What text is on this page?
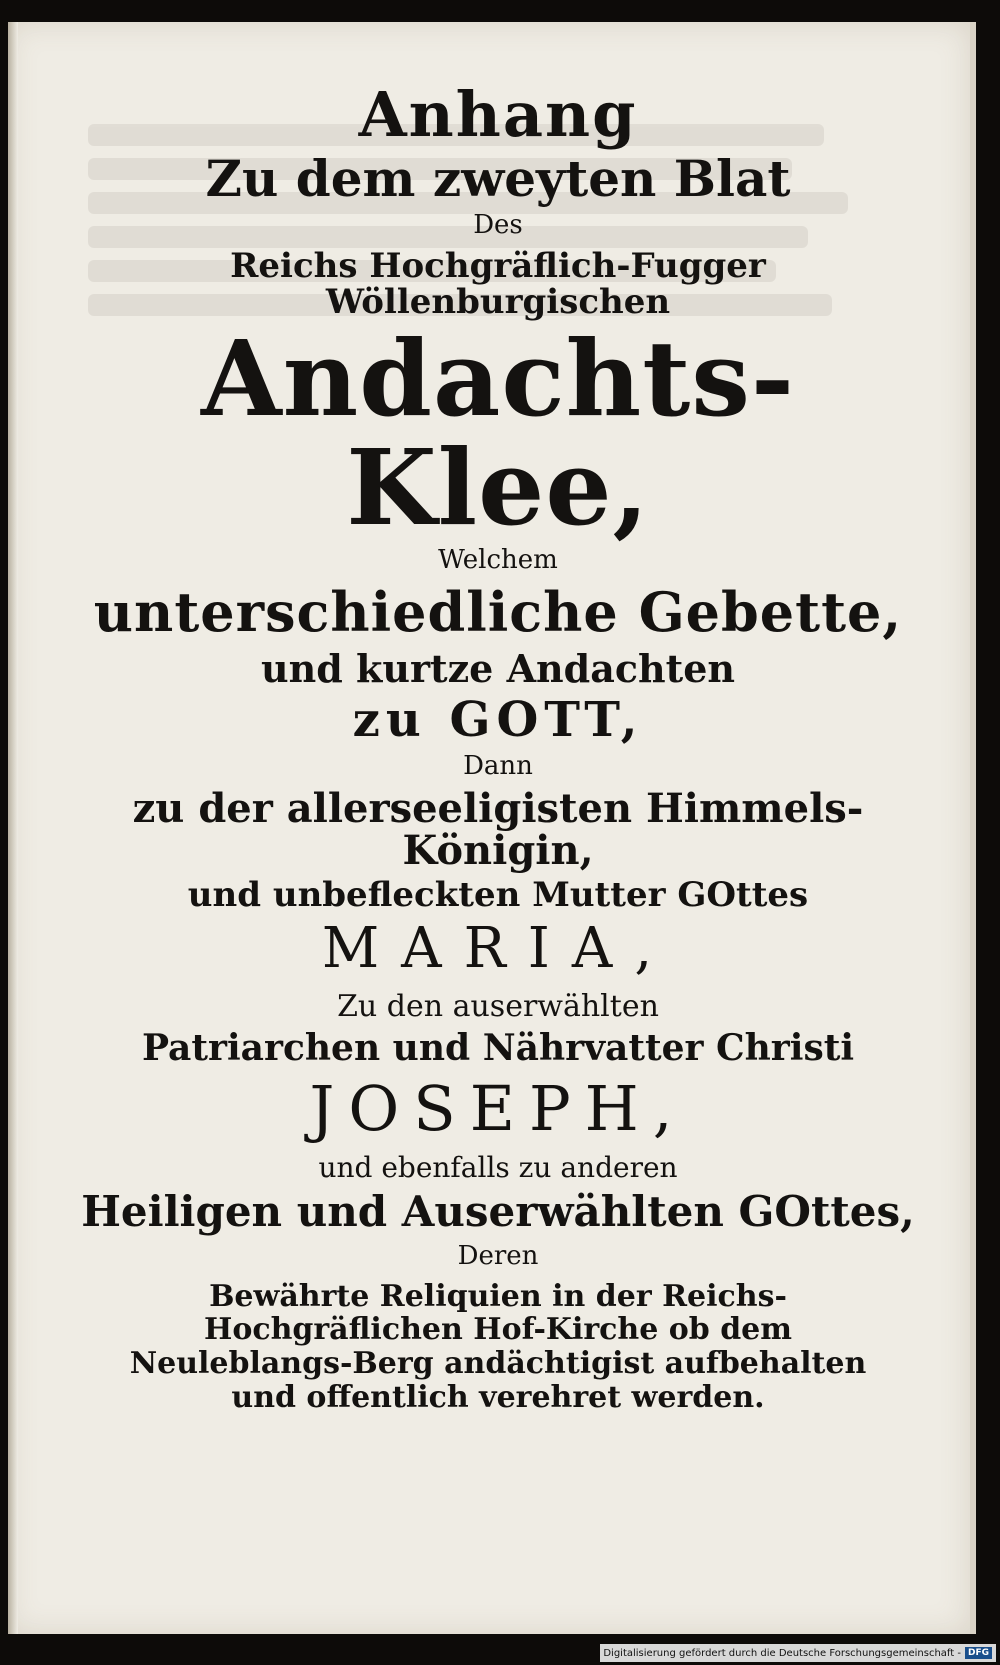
Anhang
Zu dem zweyten Blat
Des
Reichs Hochgräflich-Fugger Wöllenburgischen
Andachts-Klee,
Welchem
unterschiedliche Gebette,
und kurtze Andachten
zu GOTT,
Dann
zu der allerseeligisten Himmels-Königin,
und unbefleckten Mutter GOttes
MARIA,
Zu den auserwählten
Patriarchen und Nährvatter Christi
JOSEPH,
und ebenfalls zu anderen
Heiligen und Auserwählten GOttes,
Deren
Bewährte Reliquien in der Reichs-Hochgräflichen Hof-Kirche ob dem Neuleblangs-Berg andächtigist aufbehalten und offentlich verehret werden.
Digitalisierung gefördert durch die Deutsche Forschungsgemeinschaft - DFG
